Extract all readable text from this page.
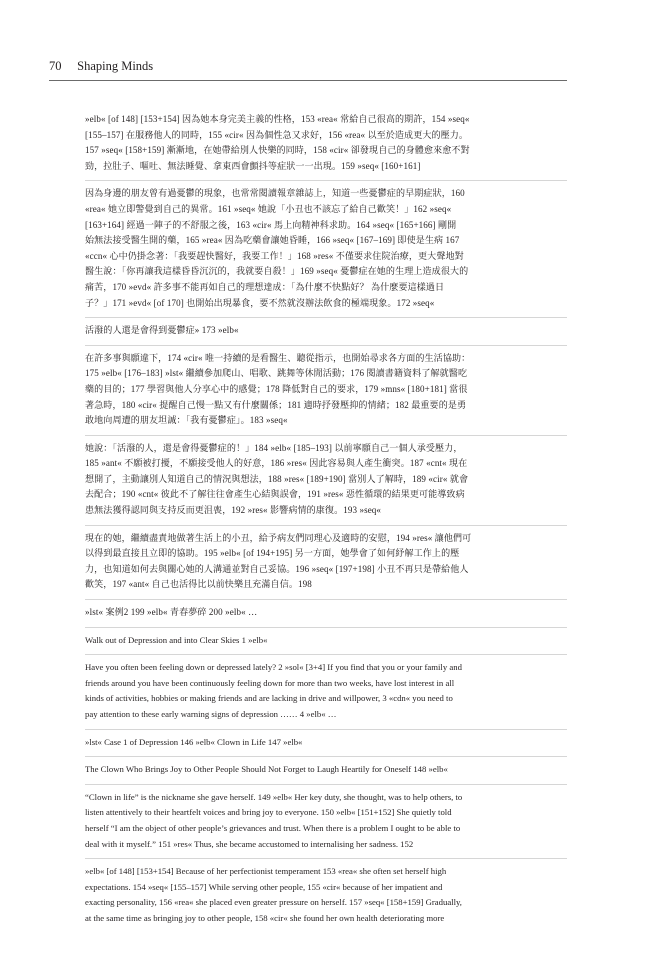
70 Shaping Minds

»elb« [of 148] [153+154] 因為她本身完美主義的性格，153 «rea« 常給自己很高的期許，154 »seq«
[155–157] 在服務他人的同時，155 «cir« 因為個性急又求好，156 «rea« 以至於造成更大的壓力。
157 »seq« [158+159] 漸漸地，在她帶給別人快樂的同時，158 «cir« 卻發現自己的身體愈來愈不對
勁，拉肚子、嘔吐、無法睡覺、拿東西會顫抖等症狀一一出現。159 »seq« [160+161]

因為身邊的朋友曾有過憂鬱的現象，也常常閱讀報章雜誌上，知道一些憂鬱症的早期症狀，160
«rea« 她立即警覺到自己的異常。161 »seq« 她說「小丑也不該忘了給自己歡笑！」162 »seq«
[163+164] 經過一陣子的不舒服之後，163 «cir« 馬上向精神科求助。164 »seq« [165+166] 剛開
始無法接受醫生開的藥，165 »rea« 因為吃藥會讓她昏睡，166 »seq« [167–169] 即使是生病 167
«ccn« 心中仍掛念著：「我要趕快醫好，我要工作！」168 »res« 不僅要求住院治療，更大聲地對
醫生說：「你再讓我這樣昏昏沉沉的，我就要自殺！」169 »seq« 憂鬱症在她的生理上造成很大的
痛苦，170 »evd« 許多事不能再如自己的理想達成：「為什麼不快點好？ 為什麼要這樣過日
子？」171 »evd« [of 170] 也開始出現暴食，要不然就沒辦法飲食的極端現象。172 »seq«

活潑的人還是會得到憂鬱症» 173 »elb«

在許多事與願違下，174 «cir« 唯一持續的是看醫生、聽從指示，也開始尋求各方面的生活協助：
175 »elb« [176–183] »lst« 繼續參加爬山、唱歌、跳舞等休閒活動；176 閱讀書籍資料了解就醫吃
藥的目的；177 學習與他人分享心中的感覺；178 降低對自己的要求，179 »mns« [180+181] 當很
著急時，180 «cir« 提醒自己慢一點又有什麼關係；181 適時抒發壓抑的情緒；182 最重要的是勇
敢地向周遭的朋友坦誠：「我有憂鬱症」。183 »seq«

她說：「活潑的人，還是會得憂鬱症的！」184 »elb« [185–193] 以前寧願自己一個人承受壓力，
185 »ant« 不願被打擾，不願接受他人的好意，186 »res« 因此容易與人產生衝突。187 «cnt« 現在
想開了，主動讓別人知道自己的情況與想法，188 »res« [189+190] 當別人了解時，189 «cir« 就會
去配合；190 «cnt« 彼此不了解往往會產生心結與誤會，191 »res« 惡性循環的結果更可能導致病
患無法獲得認同與支持反而更沮喪，192 »res« 影響病情的康復。193 »seq«

現在的她，繼續盡責地做著生活上的小丑，給予病友們同理心及適時的安慰，194 »res« 讓他們可
以得到最直接且立即的協助。195 »elb« [of 194+195] 另一方面，她學會了如何紓解工作上的壓
力，也知道如何去與關心她的人溝通並對自己妥協。196 »seq« [197+198] 小丑不再只是帶給他人
歡笑，197 «ant« 自己也活得比以前快樂且充滿自信。198

»lst« 案例2 199 »elb« 青春夢碎 200 »elb« …

Walk out of Depression and into Clear Skies 1 »elb«

Have you often been feeling down or depressed lately? 2 »sol« [3+4] If you find that you or your family and
friends around you have been continuously feeling down for more than two weeks, have lost interest in all
kinds of activities, hobbies or making friends and are lacking in drive and willpower, 3 «cdn« you need to
pay attention to these early warning signs of depression …… 4 »elb« …

»lst« Case 1 of Depression 146 »elb« Clown in Life 147 »elb«

The Clown Who Brings Joy to Other People Should Not Forget to Laugh Heartily for Oneself 148 »elb«

“Clown in life” is the nickname she gave herself. 149 »elb« Her key duty, she thought, was to help others, to
listen attentively to their heartfelt voices and bring joy to everyone. 150 »elb« [151+152] She quietly told
herself “I am the object of other people’s grievances and trust. When there is a problem I ought to be able to
deal with it myself.” 151 »res« Thus, she became accustomed to internalising her sadness. 152

»elb« [of 148] [153+154] Because of her perfectionist temperament 153 «rea« she often set herself high
expectations. 154 »seq« [155–157] While serving other people, 155 «cir« because of her impatient and
exacting personality, 156 «rea« she placed even greater pressure on herself. 157 »seq« [158+159] Gradually,
at the same time as bringing joy to other people, 158 «cir« she found her own health deteriorating more
